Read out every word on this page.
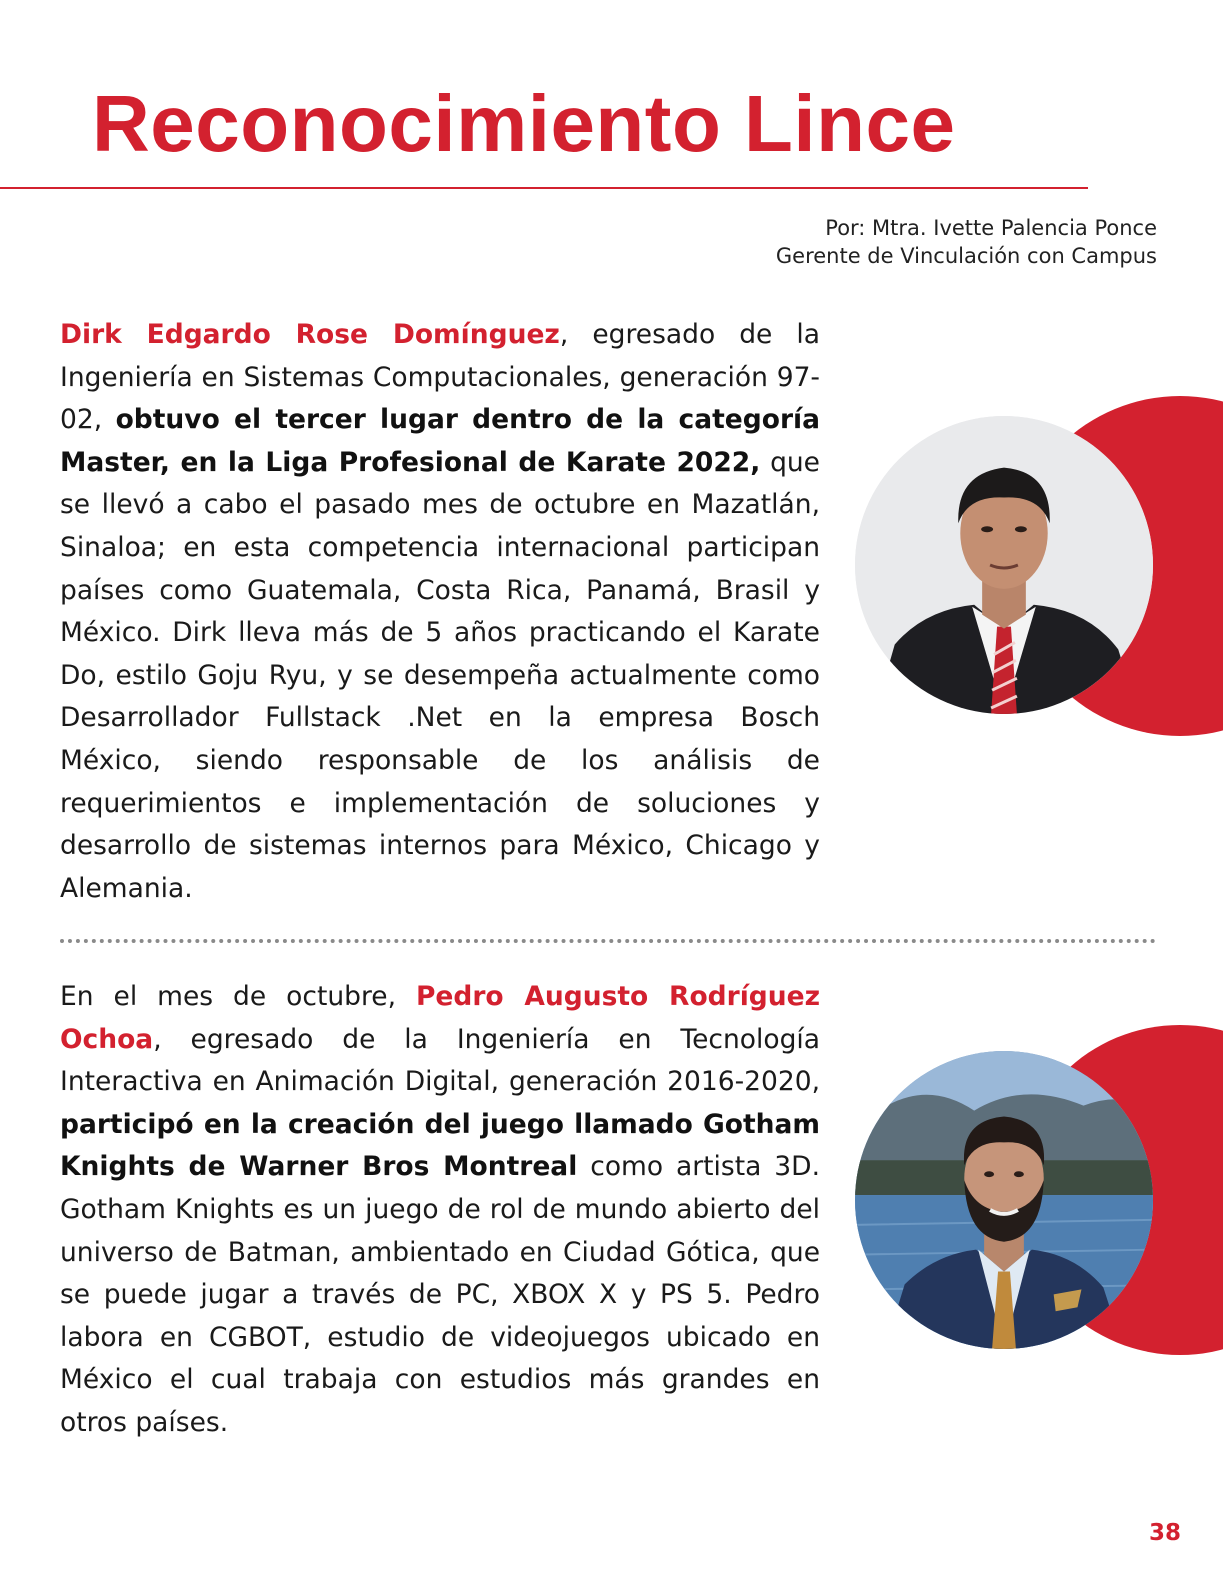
Reconocimiento Lince
Por: Mtra. Ivette Palencia Ponce
Gerente de Vinculación con Campus

Dirk Edgardo Rose Domínguez, egresado de la Ingeniería en Sistemas Computacionales, generación 97-02, obtuvo el tercer lugar dentro de la categoría Master, en la Liga Profesional de Karate 2022, que se llevó a cabo el pasado mes de octubre en Mazatlán, Sinaloa; en esta competencia internacional participan países como Guatemala, Costa Rica, Panamá, Brasil y México. Dirk lleva más de 5 años practicando el Karate Do, estilo Goju Ryu, y se desempeña actualmente como Desarrollador Fullstack .Net en la empresa Bosch México, siendo responsable de los análisis de requerimientos e implementación de soluciones y desarrollo de sistemas internos para México, Chicago y Alemania.

En el mes de octubre, Pedro Augusto Rodríguez Ochoa, egresado de la Ingeniería en Tecnología Interactiva en Animación Digital, generación 2016-2020, participó en la creación del juego llamado Gotham Knights de Warner Bros Montreal como artista 3D. Gotham Knights es un juego de rol de mundo abierto del universo de Batman, ambientado en Ciudad Gótica, que se puede jugar a través de PC, XBOX X y PS 5. Pedro labora en CGBOT, estudio de videojuegos ubicado en México el cual trabaja con estudios más grandes en otros países.

38
